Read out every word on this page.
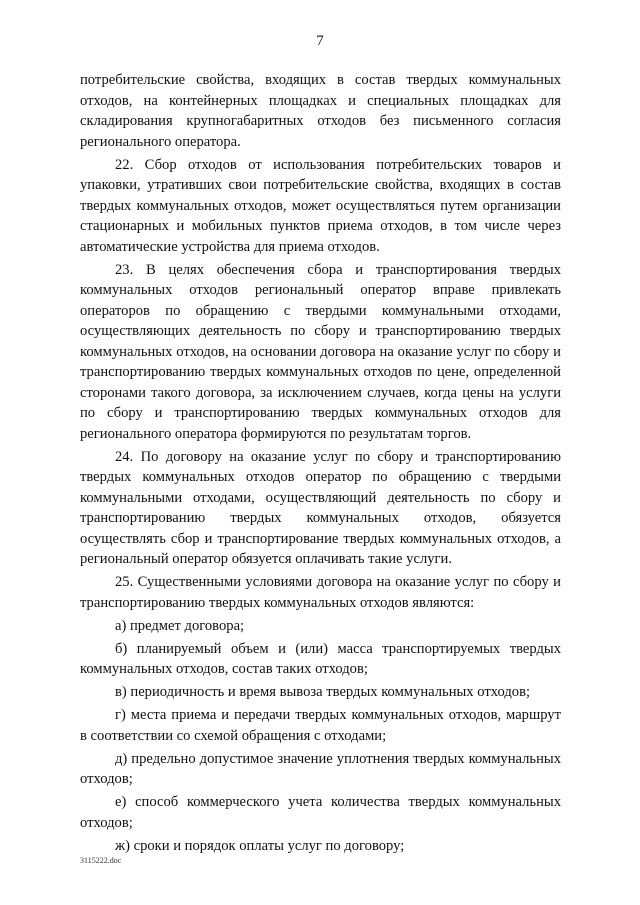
7

потребительские свойства, входящих в состав твердых коммунальных отходов, на контейнерных площадках и специальных площадках для складирования крупногабаритных отходов без письменного согласия регионального оператора.

22. Сбор отходов от использования потребительских товаров и упаковки, утративших свои потребительские свойства, входящих в состав твердых коммунальных отходов, может осуществляться путем организации стационарных и мобильных пунктов приема отходов, в том числе через автоматические устройства для приема отходов.

23. В целях обеспечения сбора и транспортирования твердых коммунальных отходов региональный оператор вправе привлекать операторов по обращению с твердыми коммунальными отходами, осуществляющих деятельность по сбору и транспортированию твердых коммунальных отходов, на основании договора на оказание услуг по сбору и транспортированию твердых коммунальных отходов по цене, определенной сторонами такого договора, за исключением случаев, когда цены на услуги по сбору и транспортированию твердых коммунальных отходов для регионального оператора формируются по результатам торгов.

24. По договору на оказание услуг по сбору и транспортированию твердых коммунальных отходов оператор по обращению с твердыми коммунальными отходами, осуществляющий деятельность по сбору и транспортированию твердых коммунальных отходов, обязуется осуществлять сбор и транспортирование твердых коммунальных отходов, а региональный оператор обязуется оплачивать такие услуги.

25. Существенными условиями договора на оказание услуг по сбору и транспортированию твердых коммунальных отходов являются:

а) предмет договора;

б) планируемый объем и (или) масса транспортируемых твердых коммунальных отходов, состав таких отходов;

в) периодичность и время вывоза твердых коммунальных отходов;

г) места приема и передачи твердых коммунальных отходов, маршрут в соответствии со схемой обращения с отходами;

д) предельно допустимое значение уплотнения твердых коммунальных отходов;

е) способ коммерческого учета количества твердых коммунальных отходов;

ж) сроки и порядок оплаты услуг по договору;

3115222.doc
